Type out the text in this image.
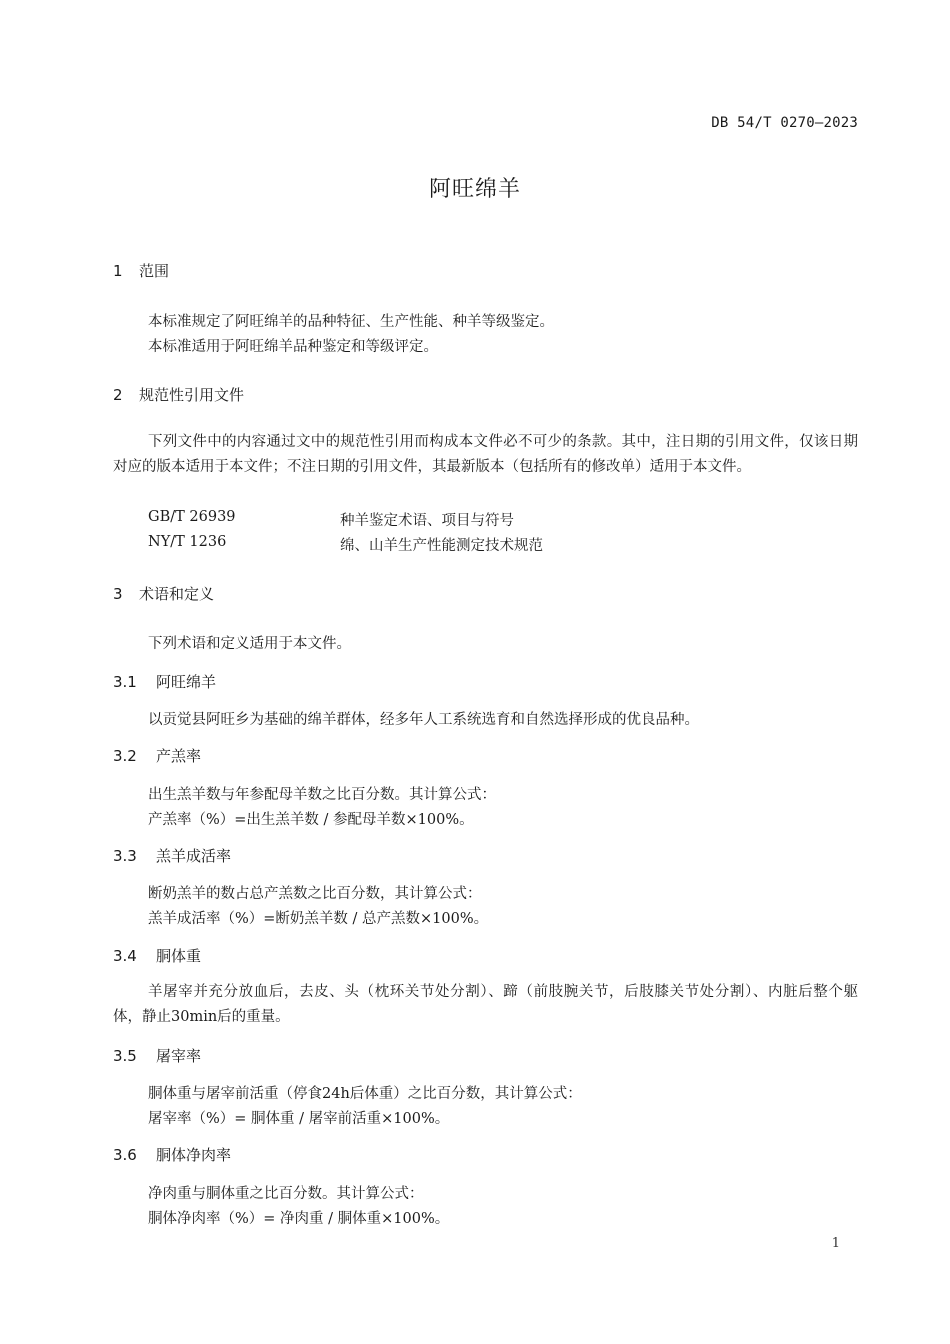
DB 54/T 0270—2023
阿旺绵羊
1 范围
本标准规定了阿旺绵羊的品种特征、生产性能、种羊等级鉴定。
本标准适用于阿旺绵羊品种鉴定和等级评定。
2 规范性引用文件
下列文件中的内容通过文中的规范性引用而构成本文件必不可少的条款。其中，注日期的引用文件，仅该日期对应的版本适用于本文件；不注日期的引用文件，其最新版本（包括所有的修改单）适用于本文件。
GB/T 26939	种羊鉴定术语、项目与符号
NY/T 1236	绵、山羊生产性能测定技术规范
3 术语和定义
下列术语和定义适用于本文件。
3.1 阿旺绵羊
以贡觉县阿旺乡为基础的绵羊群体，经多年人工系统选育和自然选择形成的优良品种。
3.2 产羔率
出生羔羊数与年参配母羊数之比百分数。其计算公式：
产羔率（%）=出生羔羊数 / 参配母羊数×100%。
3.3 羔羊成活率
断奶羔羊的数占总产羔数之比百分数，其计算公式：
羔羊成活率（%）=断奶羔羊数 / 总产羔数×100%。
3.4 胴体重
羊屠宰并充分放血后，去皮、头（枕环关节处分割）、蹄（前肢腕关节，后肢膝关节处分割）、内脏后整个躯体，静止30min后的重量。
3.5 屠宰率
胴体重与屠宰前活重（停食24h后体重）之比百分数，其计算公式：
屠宰率（%）= 胴体重 / 屠宰前活重×100%。
3.6 胴体净肉率
净肉重与胴体重之比百分数。其计算公式：
胴体净肉率（%）= 净肉重 / 胴体重×100%。
1
